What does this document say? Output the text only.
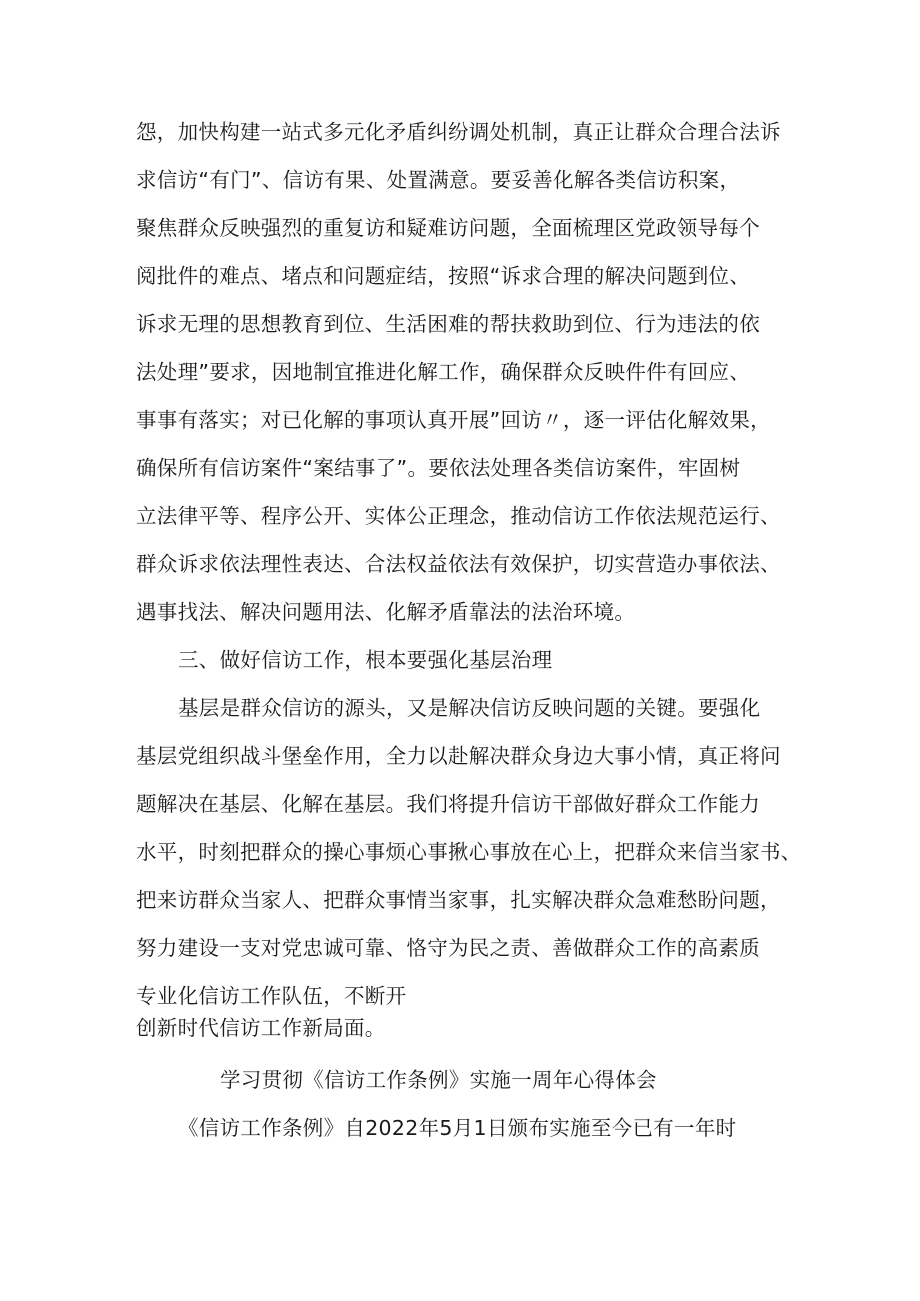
怨，加快构建一站式多元化矛盾纠纷调处机制，真正让群众合理合法诉
求信访“有门”、信访有果、处置满意。要妥善化解各类信访积案，
聚焦群众反映强烈的重复访和疑难访问题，全面梳理区党政领导每个
阅批件的难点、堵点和问题症结，按照“诉求合理的解决问题到位、
诉求无理的思想教育到位、生活困难的帮扶救助到位、行为违法的依
法处理”要求，因地制宜推进化解工作，确保群众反映件件有回应、
事事有落实；对已化解的事项认真开展”回访〃，逐一评估化解效果，
确保所有信访案件“案结事了”。要依法处理各类信访案件，牢固树
立法律平等、程序公开、实体公正理念，推动信访工作依法规范运行、
群众诉求依法理性表达、合法权益依法有效保护，切实营造办事依法、
遇事找法、解决问题用法、化解矛盾靠法的法治环境。
三、做好信访工作，根本要强化基层治理
基层是群众信访的源头，又是解决信访反映问题的关键。要强化
基层党组织战斗堡垒作用，全力以赴解决群众身边大事小情，真正将问
题解决在基层、化解在基层。我们将提升信访干部做好群众工作能力
水平，时刻把群众的操心事烦心事揪心事放在心上，把群众来信当家书、
把来访群众当家人、把群众事情当家事，扎实解决群众急难愁盼问题，
努力建设一支对党忠诚可靠、恪守为民之责、善做群众工作的高素质
专业化信访工作队伍，不断开
创新时代信访工作新局面。
学习贯彻《信访工作条例》实施一周年心得体会
《信访工作条例》自2022年5月1日颁布实施至今已有一年时
